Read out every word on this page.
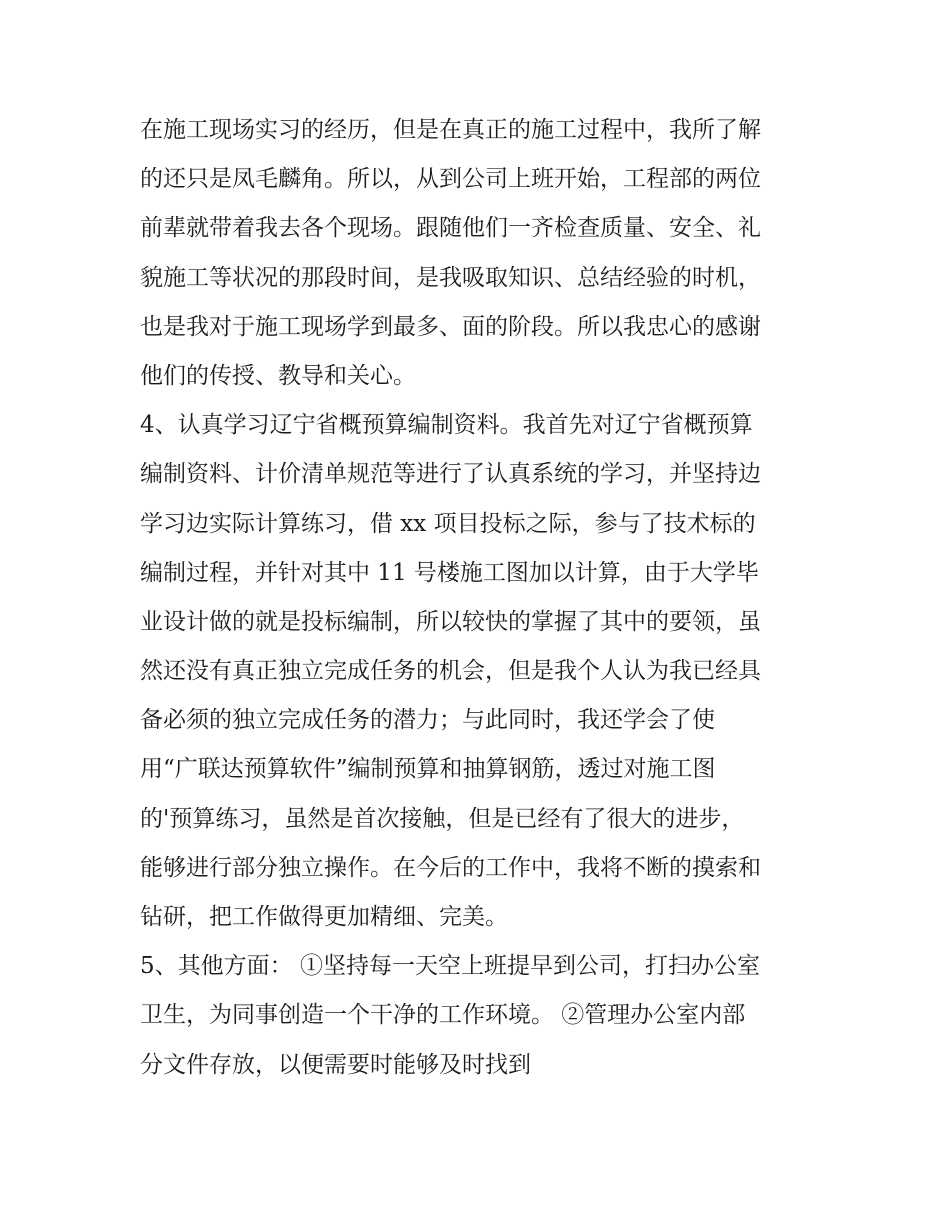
在施工现场实习的经历，但是在真正的施工过程中，我所了解
的还只是凤毛麟角。所以，从到公司上班开始，工程部的两位
前辈就带着我去各个现场。跟随他们一齐检查质量、安全、礼
貌施工等状况的那段时间，是我吸取知识、总结经验的时机，
也是我对于施工现场学到最多、面的阶段。所以我忠心的感谢
他们的传授、教导和关心。
4、认真学习辽宁省概预算编制资料。我首先对辽宁省概预算
编制资料、计价清单规范等进行了认真系统的学习，并坚持边
学习边实际计算练习，借 xx 项目投标之际，参与了技术标的
编制过程，并针对其中 11 号楼施工图加以计算，由于大学毕
业设计做的就是投标编制，所以较快的掌握了其中的要领，虽
然还没有真正独立完成任务的机会，但是我个人认为我已经具
备必须的独立完成任务的潜力；与此同时，我还学会了使
用“广联达预算软件”编制预算和抽算钢筋，透过对施工图
的'预算练习，虽然是首次接触，但是已经有了很大的进步，
能够进行部分独立操作。在今后的工作中，我将不断的摸索和
钻研，把工作做得更加精细、完美。
5、其他方面： ①坚持每一天空上班提早到公司，打扫办公室
卫生，为同事创造一个干净的工作环境。 ②管理办公室内部
分文件存放，以便需要时能够及时找到
